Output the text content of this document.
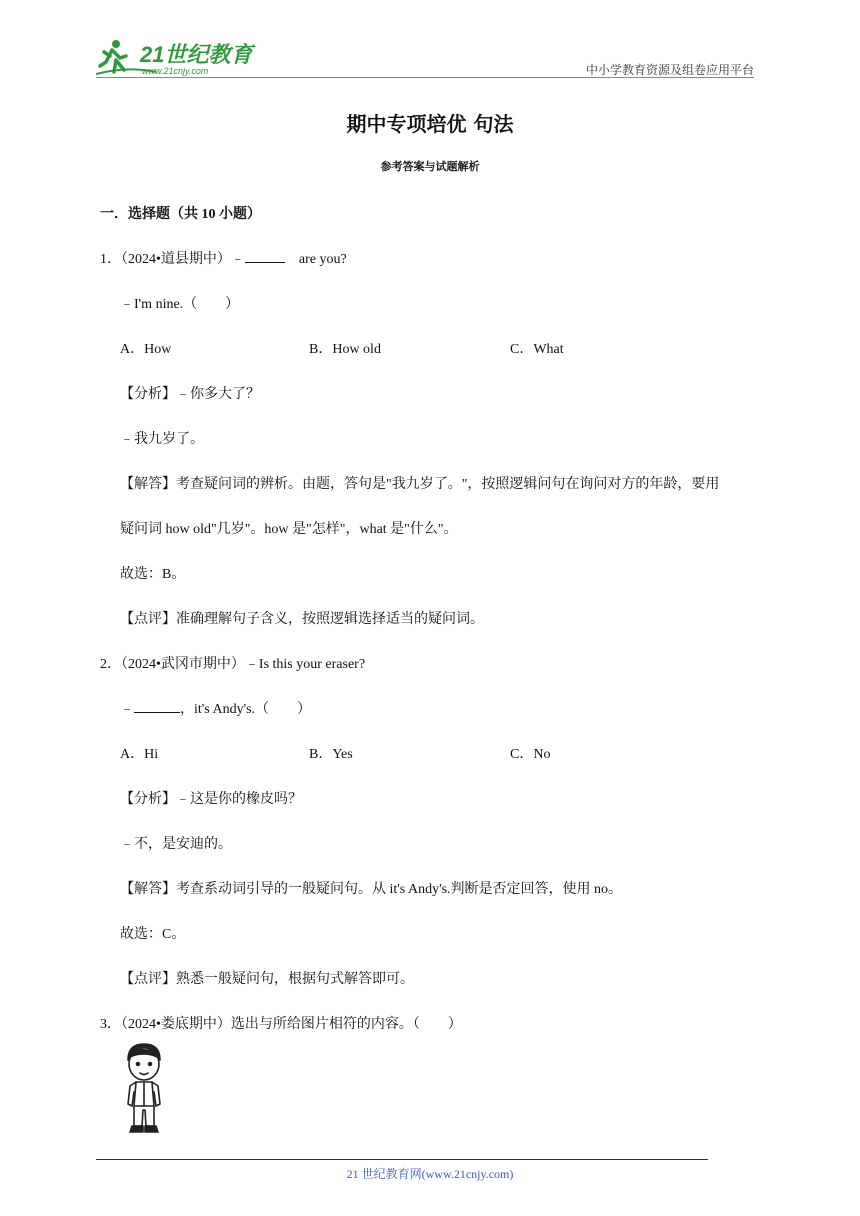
21世纪教育
www.21cnjy.com	中小学教育资源及组卷应用平台
期中专项培优 句法
参考答案与试题解析
一．选择题（共 10 小题）
1．（2024•道县期中）﹣	are you?
﹣I'm nine.（　　）
A．How	B．How old	C．What
【分析】﹣你多大了？
﹣我九岁了。
【解答】考查疑问词的辨析。由题，答句是"我九岁了。"，按照逻辑问句在询问对方的年龄，要用
疑问词 how old"几岁"。how 是"怎样"，what 是"什么"。
故选：B。
【点评】准确理解句子含义，按照逻辑选择适当的疑问词。
2．（2024•武冈市期中）﹣Is this your eraser?
﹣	，it's Andy's.（　　）
A．Hi	B．Yes	C．No
【分析】﹣这是你的橡皮吗？
﹣不，是安迪的。
【解答】考查系动词引导的一般疑问句。从 it's Andy's.判断是否定回答，使用 no。
故选：C。
【点评】熟悉一般疑问句，根据句式解答即可。
3．（2024•娄底期中）选出与所给图片相符的内容。（　　）
21 世纪教育网(www.21cnjy.com)
